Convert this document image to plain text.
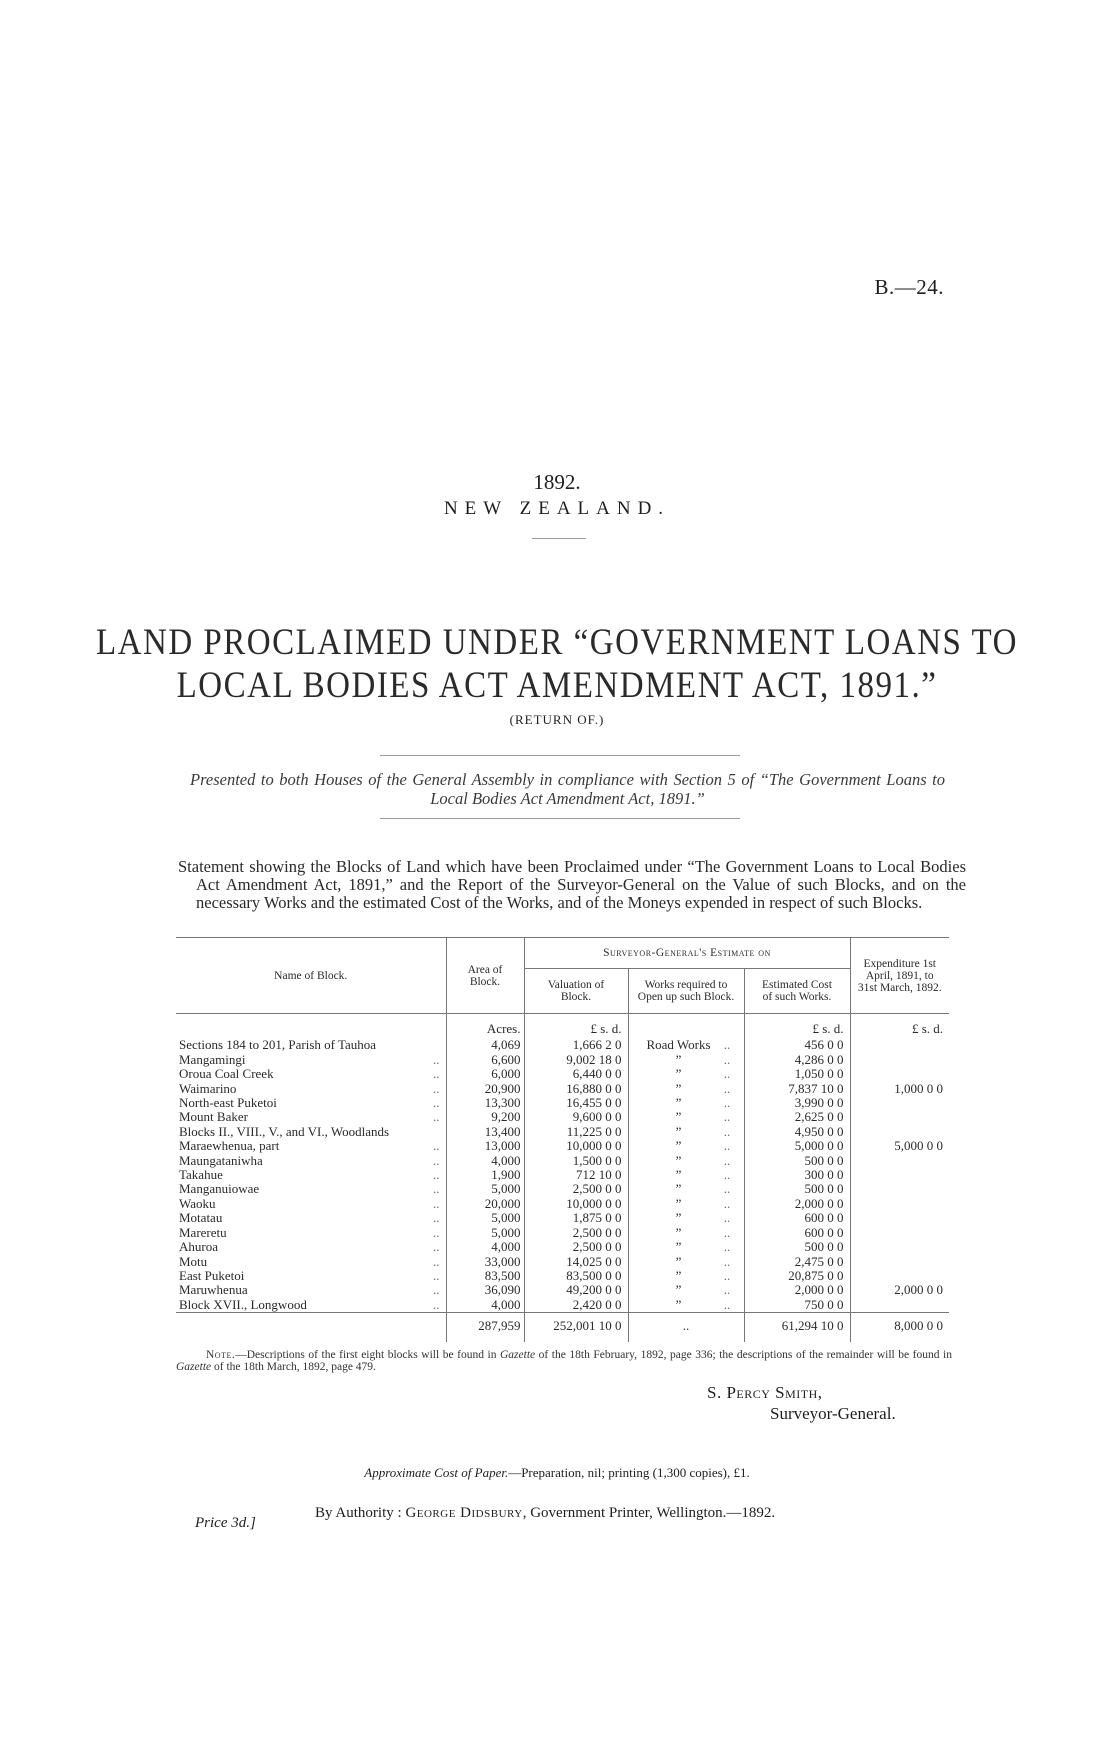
B.—24.
1892.
NEW ZEALAND.
LAND PROCLAIMED UNDER “GOVERNMENT LOANS TO
LOCAL BODIES ACT AMENDMENT ACT, 1891.”
(RETURN OF.)
Presented to both Houses of the General Assembly in compliance with Section 5 of “The Government Loans to Local Bodies Act Amendment Act, 1891.”
Statement showing the Blocks of Land which have been Proclaimed under “The Government Loans to Local Bodies Act Amendment Act, 1891,” and the Report of the Surveyor-General on the Value of such Blocks, and on the necessary Works and the estimated Cost of the Works, and of the Moneys expended in respect of such Blocks.
Name of Block.	Area of Block.	Surveyor-General's Estimate on			Expenditure 1st April, 1891, to 31st March, 1892.
		Valuation of Block.	Works required to Open up such Block.	Estimated Cost of such Works.	
	Acres.	£ s. d.		£ s. d.	£ s. d.
Sections 184 to 201, Parish of Tauhoa	4,069	1,666 2 0	Road Works ..	456 0 0	
Mangamingi ..	6,600	9,002 18 0	” ..	4,286 0 0	
Oroua Coal Creek ..	6,000	6,440 0 0	” ..	1,050 0 0	
Waimarino ..	20,900	16,880 0 0	” ..	7,837 10 0	1,000 0 0
North-east Puketoi ..	13,300	16,455 0 0	” ..	3,990 0 0	
Mount Baker ..	9,200	9,600 0 0	” ..	2,625 0 0	
Blocks II., VIII., V., and VI., Woodlands	13,400	11,225 0 0	” ..	4,950 0 0	
Maraewhenua, part ..	13,000	10,000 0 0	” ..	5,000 0 0	5,000 0 0
Maungataniwha ..	4,000	1,500 0 0	” ..	500 0 0	
Takahue ..	1,900	712 10 0	” ..	300 0 0	
Manganuiowae ..	5,000	2,500 0 0	” ..	500 0 0	
Waoku ..	20,000	10,000 0 0	” ..	2,000 0 0	
Motatau ..	5,000	1,875 0 0	” ..	600 0 0	
Mareretu ..	5,000	2,500 0 0	” ..	600 0 0	
Ahuroa ..	4,000	2,500 0 0	” ..	500 0 0	
Motu ..	33,000	14,025 0 0	” ..	2,475 0 0	
East Puketoi ..	83,500	83,500 0 0	” ..	20,875 0 0	
Maruwhenua ..	36,090	49,200 0 0	” ..	2,000 0 0	2,000 0 0
Block XVII., Longwood ..	4,000	2,420 0 0	” ..	750 0 0	
	287,959	252,001 10 0	..	61,294 10 0	8,000 0 0
Note.—Descriptions of the first eight blocks will be found in Gazette of the 18th February, 1892, page 336; the descriptions of the remainder will be found in Gazette of the 18th March, 1892, page 479.
S. Percy Smith,
Surveyor-General.
Approximate Cost of Paper.—Preparation, nil; printing (1,300 copies), £1.
By Authority : George Didsbury, Government Printer, Wellington.—1892.
Price 3d.]
